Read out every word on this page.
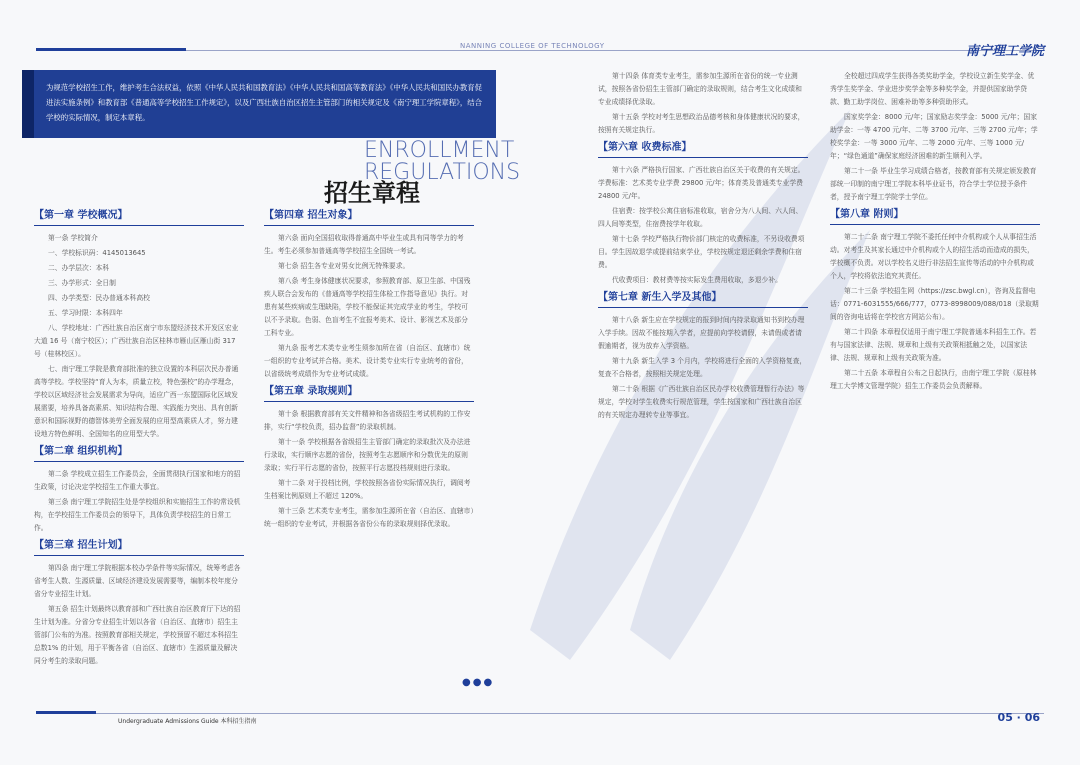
NANNING COLLEGE OF TECHNOLOGY	南宁理工学院
为规范学校招生工作，维护考生合法权益，依照《中华人民共和国教育法》《中华人民共和国高等教育法》《中华人民共和国民办教育促进法实施条例》和教育部《普通高等学校招生工作规定》，以及广西壮族自治区招生主管部门的相关规定及《南宁理工学院章程》，结合学校的实际情况，制定本章程。
ENROLLMENT
REGULATIONS
招生章程
【第一章 学校概况】

第一条 学校简介

一、学校标识码：4145013645

二、办学层次：本科

三、办学形式：全日制

四、办学类型：民办普通本科高校

五、学习时限：本科四年

八、学校地址：广西壮族自治区南宁市东盟经济技术开发区宏业大道 16 号（南宁校区）；广西壮族自治区桂林市雁山区雁山街 317 号（桂林校区）。

七、南宁理工学院是教育部批准的独立设置的本科层次民办普通高等学校。学校坚持“育人为本，质量立校，特色强校”的办学理念，学校以区域经济社会发展需求为导向，适应广西一东盟国际化区域发展需要，培养具备高素质、知识结构合理、实践能力突出、具有创新意识和国际视野的德智体美劳全面发展的应用型高素质人才，努力建设地方特色鲜明、全国知名的应用型大学。

【第二章 组织机构】

第二条 学校成立招生工作委员会，全面贯彻执行国家和地方的招生政策，讨论决定学校招生工作重大事宜。

第三条 南宁理工学院招生处是学校组织和实施招生工作的常设机构，在学校招生工作委员会的领导下，具体负责学校招生的日常工作。

【第三章 招生计划】

第四条 南宁理工学院根据本校办学条件等实际情况，统筹考虑各省考生人数、生源质量、区域经济建设发展需要等，编制本校年度分省分专业招生计划。

第五条 招生计划最终以教育部和广西壮族自治区教育厅下达的招生计划为准。分省分专业招生计划以各省（自治区、直辖市）招生主管部门公布的为准。按照教育部相关规定，学校预留不超过本科招生总数1% 的计划，用于平衡各省（自治区、直辖市）生源质量及解决同分考生的录取问题。

【第四章 招生对象】

第六条 面向全国招收取得普通高中毕业生或具有同等学力的考生。考生必须参加普通高等学校招生全国统一考试。

第七条 招生各专业对男女比例无特殊要求。

第八条 考生身体健康状况要求，参照教育部、原卫生部、中国残疾人联合会发布的《普通高等学校招生体检工作指导意见》执行。对患有某些疾病或生理缺陷，学校不能保证其完成学业的考生，学校可以不予录取。色弱、色盲考生不宜报考美术、设计、影视艺术及部分工科专业。

第九条 报考艺术类专业考生须参加所在省（自治区、直辖市）统一组织的专业考试并合格。美术、设计类专业实行专业统考的省份，以省级统考成绩作为专业考试成绩。

【第五章 录取规则】

第十条 根据教育部有关文件精神和各省级招生考试机构的工作安排，实行“学校负责，招办监督”的录取机制。

第十一条 学校根据各省级招生主管部门确定的录取批次及办法进行录取，实行顺序志愿的省份，按照考生志愿顺序和分数优先的原则录取；实行平行志愿的省份，按照平行志愿投档规则进行录取。

第十二条 对于投档比例，学校按照各省份实际情况执行，调阅考生档案比例原则上不超过 120%。

第十三条 艺术类专业考生，需参加生源所在省（自治区、直辖市）统一组织的专业考试，并根据各省份公布的录取规则择优录取。

第十四条 体育类专业考生，需参加生源所在省份的统一专业测试，按照各省份招生主管部门确定的录取规则，结合考生文化成绩和专业成绩择优录取。

第十五条 学校对考生思想政治品德考核和身体健康状况的要求，按照有关规定执行。

【第六章 收费标准】

第十六条 严格执行国家、广西壮族自治区关于收费的有关规定。学费标准：艺术类专业学费 29800 元/年；体育类及普通类专业学费 24800 元/年。

住宿费：按学校公寓住宿标准收取，宿舍分为八人间、六人间、四人间等类型，住宿费按学年收取。

第十七条 学校严格执行物价部门核定的收费标准，不另设收费项目。学生因故退学或提前结束学业，学校按规定退还剩余学费和住宿费。

代收费项目：教材费等按实际发生费用收取，多退少补。

【第七章 新生入学及其他】

第十八条 新生应在学校规定的报到时间内持录取通知书到校办理入学手续。因故不能按期入学者，应提前向学校请假，未请假或者请假逾期者，视为放弃入学资格。

第十九条 新生入学 3 个月内，学校将进行全面的入学资格复查，复查不合格者，按照相关规定处理。

第二十条 根据《广西壮族自治区民办学校收费管理暂行办法》等规定，学校对学生收费实行规范管理，学生按国家和广西壮族自治区的有关规定办理转专业等事宜。

全校超过四成学生获得各类奖助学金，学校设立新生奖学金、优秀学生奖学金、学业进步奖学金等多种奖学金，并提供国家助学贷款、勤工助学岗位、困难补助等多种资助形式。

国家奖学金：8000 元/年；国家励志奖学金：5000 元/年；国家助学金：一等 4700 元/年、二等 3700 元/年、三等 2700 元/年；学校奖学金：一等 3000 元/年、二等 2000 元/年、三等 1000 元/年；“绿色通道”确保家庭经济困难的新生顺利入学。

第二十一条 毕业生学习成绩合格者，按教育部有关规定颁发教育部统一印制的南宁理工学院本科毕业证书，符合学士学位授予条件者，授予南宁理工学院学士学位。

【第八章 附则】

第二十二条 南宁理工学院不委托任何中介机构或个人从事招生活动。对考生及其家长通过中介机构或个人的招生活动而造成的损失，学校概不负责。对以学校名义进行非法招生宣传等活动的中介机构或个人，学校将依法追究其责任。

第二十三条 学校招生网（https://zsc.bwgl.cn），咨询及监督电话：0771-6031555/666/777，0773-8998009/088/018（录取期间的咨询电话将在学校官方网站公布）。

第二十四条 本章程仅适用于南宁理工学院普通本科招生工作。若有与国家法律、法规、规章和上级有关政策相抵触之处，以国家法律、法规、规章和上级有关政策为准。

第二十五条 本章程自公布之日起执行，由南宁理工学院（原桂林理工大学博文管理学院）招生工作委员会负责解释。

●●●
Undergraduate Admissions Guide 本科招生指南	05 · 06
